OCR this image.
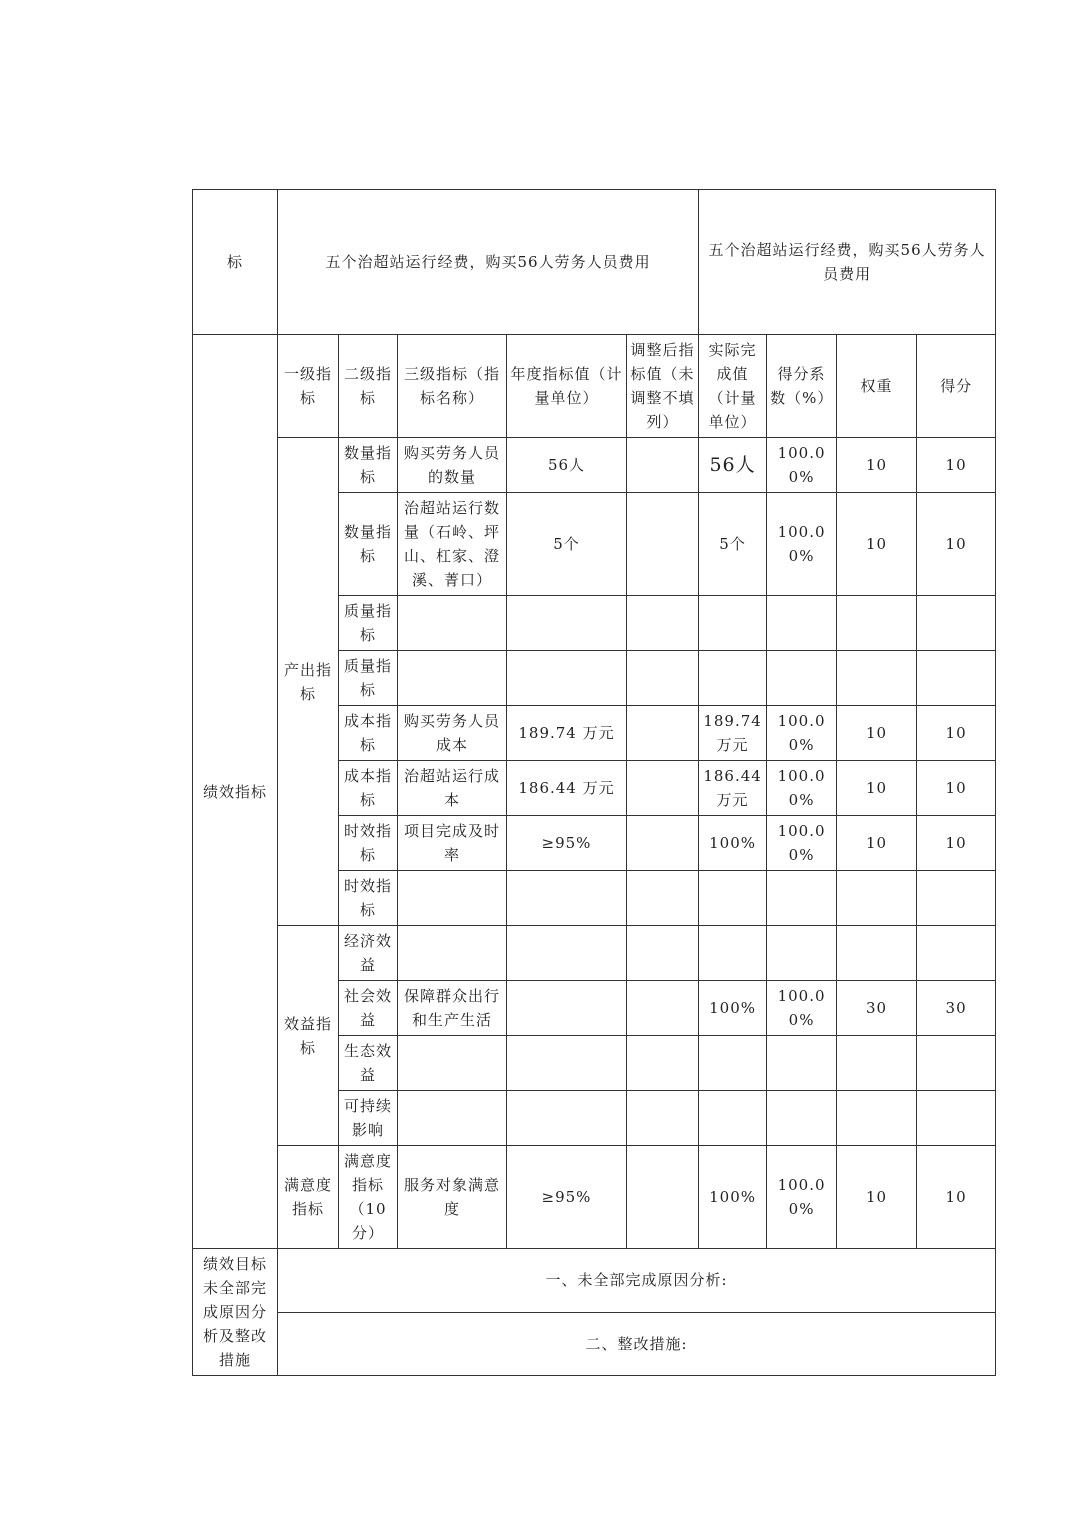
标	五个治超站运行经费，购买56人劳务人员费用					五个治超站运行经费，购买56人劳务人员费用			
绩效指标	一级指标	二级指标	三级指标（指标名称）	年度指标值（计量单位）	调整后指标值（未调整不填列）	实际完成值（计量单位）	得分系数（%）	权重	得分
	产出指标	数量指标	购买劳务人员的数量	56人		56人	100.00%	10	10
		数量指标	治超站运行数量（石岭、坪山、杠家、澄溪、菁口）	5个		5个	100.00%	10	10
		质量指标							
		质量指标							
		成本指标	购买劳务人员成本	189.74 万元		189.74万元	100.00%	10	10
		成本指标	治超站运行成本	186.44 万元		186.44万元	100.00%	10	10
		时效指标	项目完成及时率	≥95%		100%	100.00%	10	10
		时效指标							
	效益指标	经济效益							
		社会效益	保障群众出行和生产生活			100%	100.00%	30	30
		生态效益							
		可持续影响							
	满意度指标	满意度指标（10分）	服务对象满意度	≥95%		100%	100.00%	10	10
绩效目标未全部完成原因分析及整改措施	一、未全部完成原因分析:								
	二、整改措施:								
